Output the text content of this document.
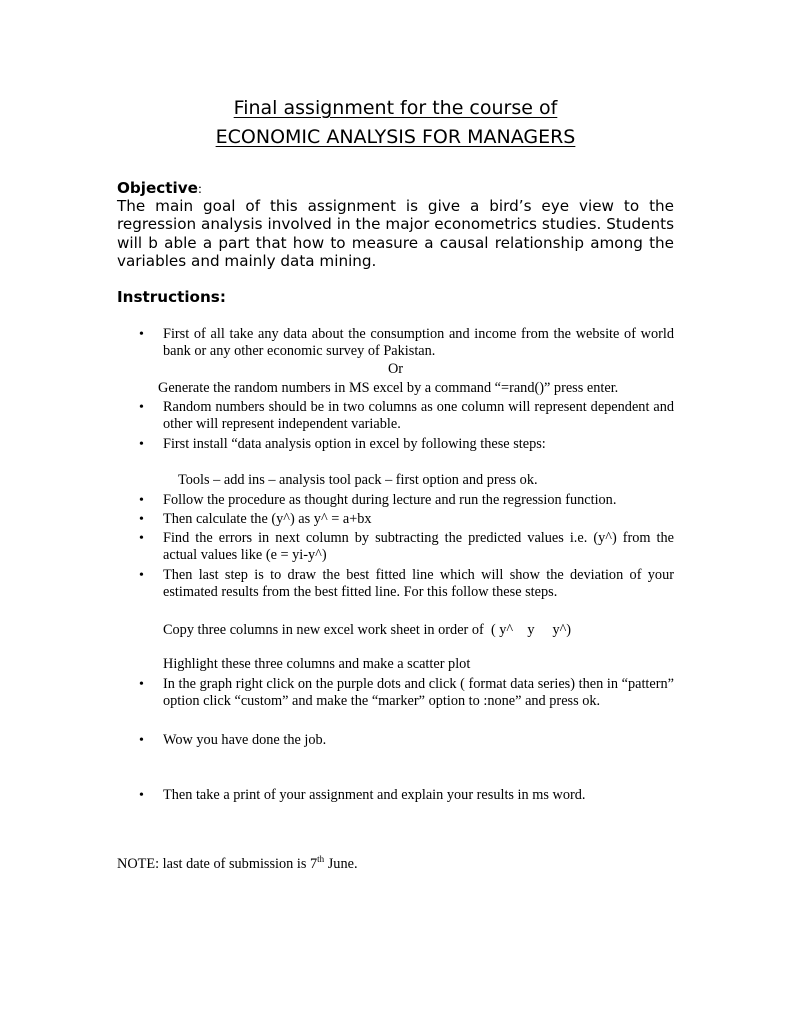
Final assignment for the course of
ECONOMIC ANALYSIS FOR MANAGERS
Objective:
The main goal of this assignment is give a bird’s eye view to the regression analysis involved in the major econometrics studies. Students will b able a part that how to measure a causal relationship among the variables and mainly data mining.
Instructions:
• First of all take any data about the consumption and income from the website of world bank or any other economic survey of Pakistan.
Or
Generate the random numbers in MS excel by a command “=rand()” press enter.
• Random numbers should be in two columns as one column will represent dependent and other will represent independent variable.
• First install “data analysis option in excel by following these steps:
Tools – add ins – analysis tool pack – first option and press ok.
• Follow the procedure as thought during lecture and run the regression function.
• Then calculate the (y^) as y^ = a+bx
• Find the errors in next column by subtracting the predicted values i.e. (y^) from the actual values like (e = yi-y^)
• Then last step is to draw the best fitted line which will show the deviation of your estimated results from the best fitted line. For this follow these steps.
Copy three columns in new excel work sheet in order of  ( y^    y     y^)
Highlight these three columns and make a scatter plot
• In the graph right click on the purple dots and click ( format data series) then in “pattern” option click “custom” and make the “marker” option to :none” and press ok.
• Wow you have done the job.
• Then take a print of your assignment and explain your results in ms word.
NOTE: last date of submission is 7th June.
